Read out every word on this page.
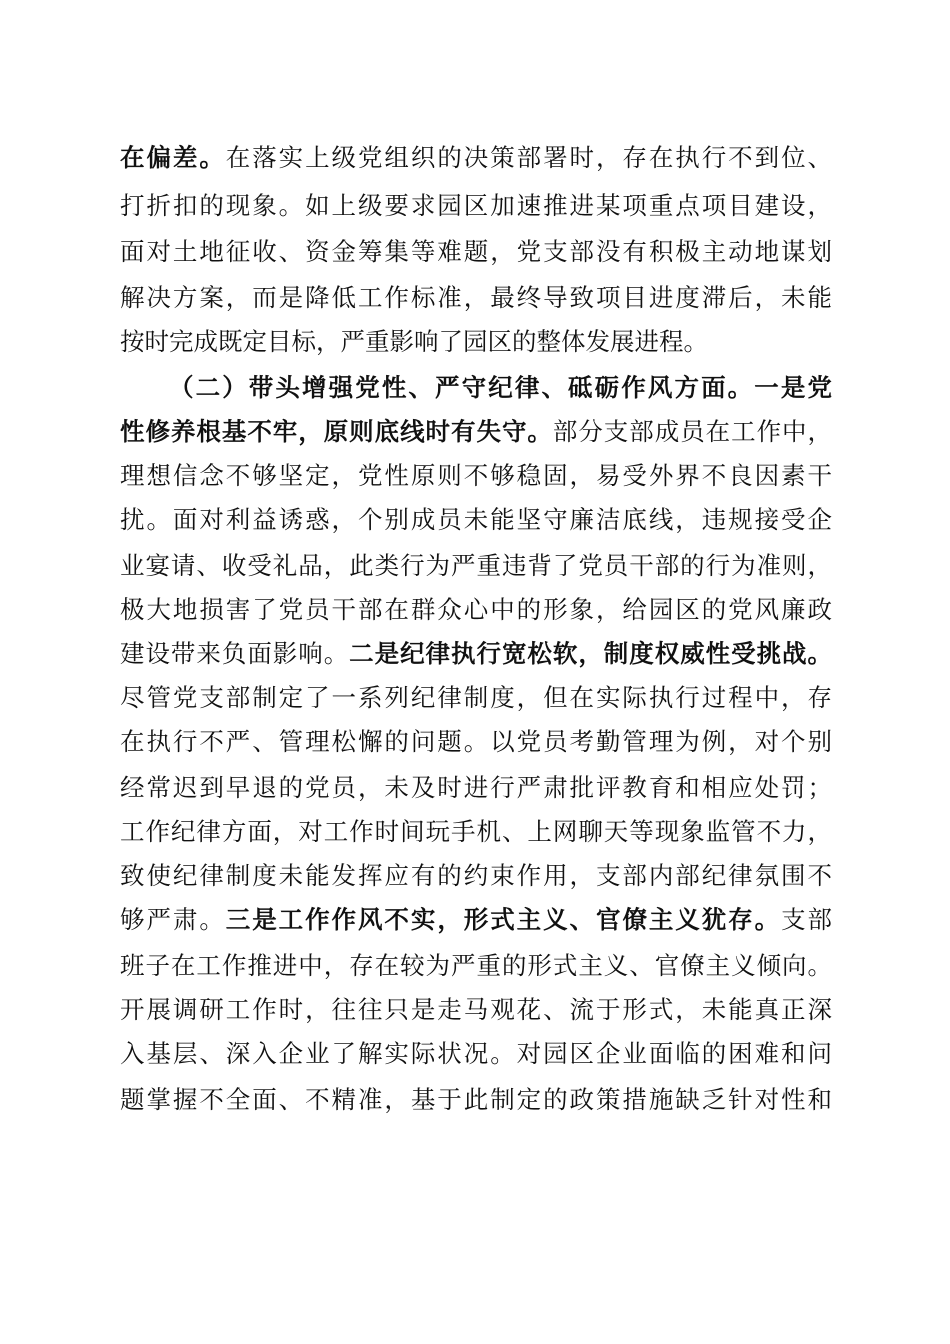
在偏差。在落实上级党组织的决策部署时，存在执行不到位、
打折扣的现象。如上级要求园区加速推进某项重点项目建设，
面对土地征收、资金筹集等难题，党支部没有积极主动地谋划
解决方案，而是降低工作标准，最终导致项目进度滞后，未能
按时完成既定目标，严重影响了园区的整体发展进程。
（二）带头增强党性、严守纪律、砥砺作风方面。一是党
性修养根基不牢，原则底线时有失守。部分支部成员在工作中，
理想信念不够坚定，党性原则不够稳固，易受外界不良因素干
扰。面对利益诱惑，个别成员未能坚守廉洁底线，违规接受企
业宴请、收受礼品，此类行为严重违背了党员干部的行为准则，
极大地损害了党员干部在群众心中的形象，给园区的党风廉政
建设带来负面影响。二是纪律执行宽松软，制度权威性受挑战。
尽管党支部制定了一系列纪律制度，但在实际执行过程中，存
在执行不严、管理松懈的问题。以党员考勤管理为例，对个别
经常迟到早退的党员，未及时进行严肃批评教育和相应处罚；
工作纪律方面，对工作时间玩手机、上网聊天等现象监管不力，
致使纪律制度未能发挥应有的约束作用，支部内部纪律氛围不
够严肃。三是工作作风不实，形式主义、官僚主义犹存。支部
班子在工作推进中，存在较为严重的形式主义、官僚主义倾向。
开展调研工作时，往往只是走马观花、流于形式，未能真正深
入基层、深入企业了解实际状况。对园区企业面临的困难和问
题掌握不全面、不精准，基于此制定的政策措施缺乏针对性和
